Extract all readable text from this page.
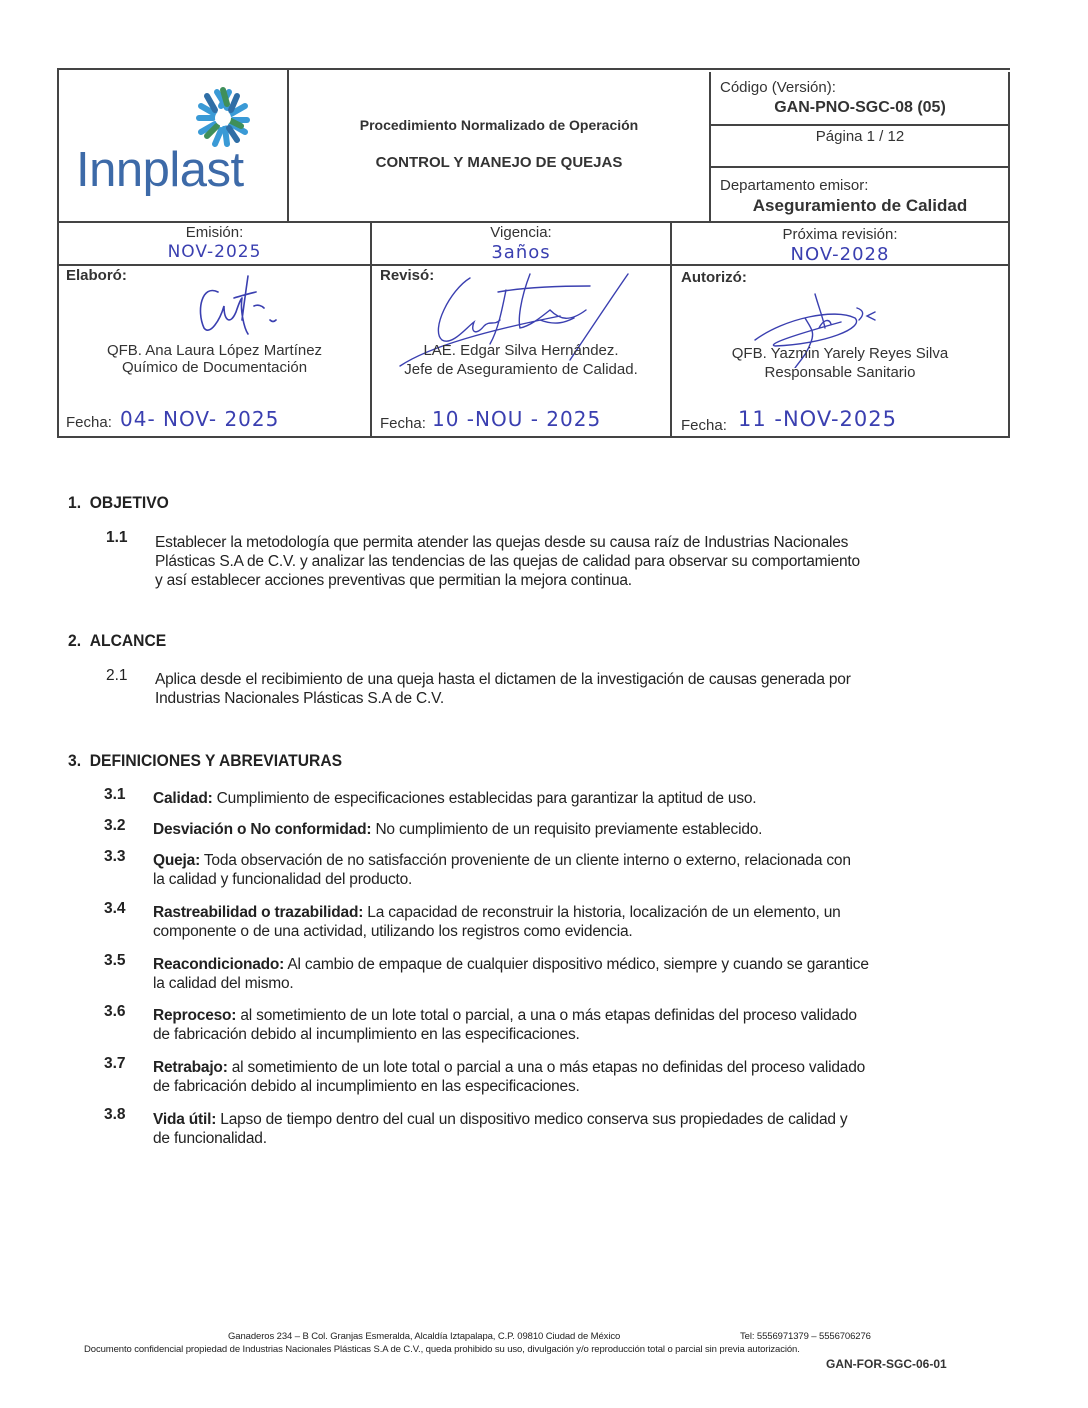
Innplast
Procedimiento Normalizado de Operación
CONTROL Y MANEJO DE QUEJAS
Código (Versión):
GAN-PNO-SGC-08 (05)
Página 1 / 12
Departamento emisor:
Aseguramiento de Calidad
Emisión:
NOV-2025
Vigencia:
3años
Próxima revisión:
NOV-2028
Elaboró:
QFB. Ana Laura López Martínez
Químico de Documentación
Fecha: 04- NOV- 2025
Revisó:
LAE. Edgar Silva Hernández.
Jefe de Aseguramiento de Calidad.
Fecha: 10 -NOU - 2025
Autorizó:
QFB. Yazmin Yarely Reyes Silva
Responsable Sanitario
Fecha: 11 -NOV-2025
1. OBJETIVO
1.1 Establecer la metodología que permita atender las quejas desde su causa raíz de Industrias Nacionales
Plásticas S.A de C.V. y analizar las tendencias de las quejas de calidad para observar su comportamiento
y así establecer acciones preventivas que permitian la mejora continua.
2. ALCANCE
2.1 Aplica desde el recibimiento de una queja hasta el dictamen de la investigación de causas generada por
Industrias Nacionales Plásticas S.A de C.V.
3. DEFINICIONES Y ABREVIATURAS
3.1 Calidad: Cumplimiento de especificaciones establecidas para garantizar la aptitud de uso.
3.2 Desviación o No conformidad: No cumplimiento de un requisito previamente establecido.
3.3 Queja: Toda observación de no satisfacción proveniente de un cliente interno o externo, relacionada con
la calidad y funcionalidad del producto.
3.4 Rastreabilidad o trazabilidad: La capacidad de reconstruir la historia, localización de un elemento, un
componente o de una actividad, utilizando los registros como evidencia.
3.5 Reacondicionado: Al cambio de empaque de cualquier dispositivo médico, siempre y cuando se garantice
la calidad del mismo.
3.6 Reproceso: al sometimiento de un lote total o parcial, a una o más etapas definidas del proceso validado
de fabricación debido al incumplimiento en las especificaciones.
3.7 Retrabajo: al sometimiento de un lote total o parcial a una o más etapas no definidas del proceso validado
de fabricación debido al incumplimiento en las especificaciones.
3.8 Vida útil: Lapso de tiempo dentro del cual un dispositivo medico conserva sus propiedades de calidad y
de funcionalidad.
Ganaderos 234 – B Col. Granjas Esmeralda, Alcaldía Iztapalapa, C.P. 09810 Ciudad de México	Tel: 5556971379 – 5556706276
Documento confidencial propiedad de Industrias Nacionales Plásticas S.A de C.V., queda prohibido su uso, divulgación y/o reproducción total o parcial sin previa autorización.
GAN-FOR-SGC-06-01
